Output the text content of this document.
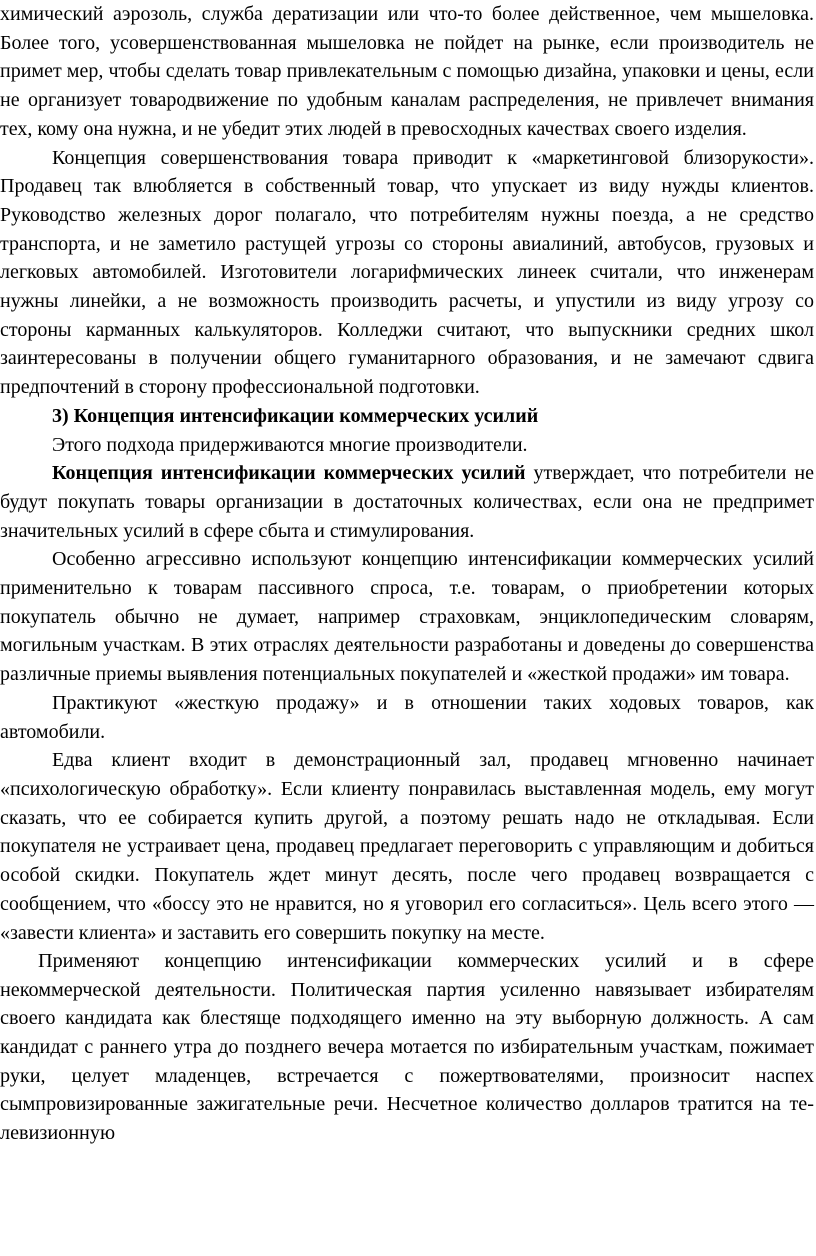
химический аэрозоль, служба дератизации или что-то более действенное, чем мышеловка. Более того, усовершенствованная мышеловка не пойдет на рынке, если производитель не примет мер, чтобы сделать товар привлекательным с помощью дизайна, упаковки и цены, если не организует товародвижение по удобным каналам распределения, не привлечет внимания тех, кому она нужна, и не убедит этих людей в превосходных качествах своего изделия.

Концепция совершенствования товара приводит к «маркетинговой близорукости». Продавец так влюбляется в собственный товар, что упускает из виду нужды клиентов. Руководство железных дорог полагало, что потребителям нужны поезда, а не средство транспорта, и не заметило растущей угрозы со стороны авиалиний, автобусов, грузовых и легковых автомобилей. Изготовители логарифмических линеек считали, что инженерам нужны линейки, а не возможность производить расчеты, и упустили из виду угрозу со стороны карманных калькуляторов. Колледжи считают, что выпускники средних школ заинтересованы в получении общего гуманитарного образования, и не замечают сдвига предпочтений в сторону профессиональной подготовки.

3) Концепция интенсификации коммерческих усилий

Этого подхода придерживаются многие производители.

Концепция интенсификации коммерческих усилий утверждает, что потребители не будут покупать товары организации в достаточных количествах, если она не предпримет значительных усилий в сфере сбыта и стимулирования.

Особенно агрессивно используют концепцию интенсификации коммерческих усилий применительно к товарам пассивного спроса, т.е. товарам, о приобретении которых покупатель обычно не думает, например страховкам, энциклопедическим словарям, могильным участкам. В этих отраслях деятельности разработаны и доведены до совершенства различные приемы выявления потенциальных покупателей и «жесткой продажи» им товара.

Практикуют «жесткую продажу» и в отношении таких ходовых товаров, как автомобили.

Едва клиент входит в демонстрационный зал, продавец мгновенно начинает «психологическую обработку». Если клиенту понравилась выставленная модель, ему могут сказать, что ее собирается купить другой, а поэтому решать надо не откладывая. Если покупателя не устраивает цена, продавец предлагает переговорить с управляющим и добиться особой скидки. Покупатель ждет минут десять, после чего продавец возвращается с сообщением, что «боссу это не нравится, но я уговорил его согласиться». Цель всего этого — «завести клиента» и заставить его совершить покупку на месте.

Применяют концепцию интенсификации коммерческих усилий и в сфере некоммерческой деятельности. Политическая партия усиленно навязывает избирателям своего кандидата как блестяще подходящего именно на эту выборную должность. А сам кандидат с раннего утра до позднего вечера мотается по избирательным участкам, пожимает руки, целует младенцев, встречается с пожертвователями, произносит наспех сымпровизированные зажигательные речи. Несчетное количество долларов тратится на те-левизионную
